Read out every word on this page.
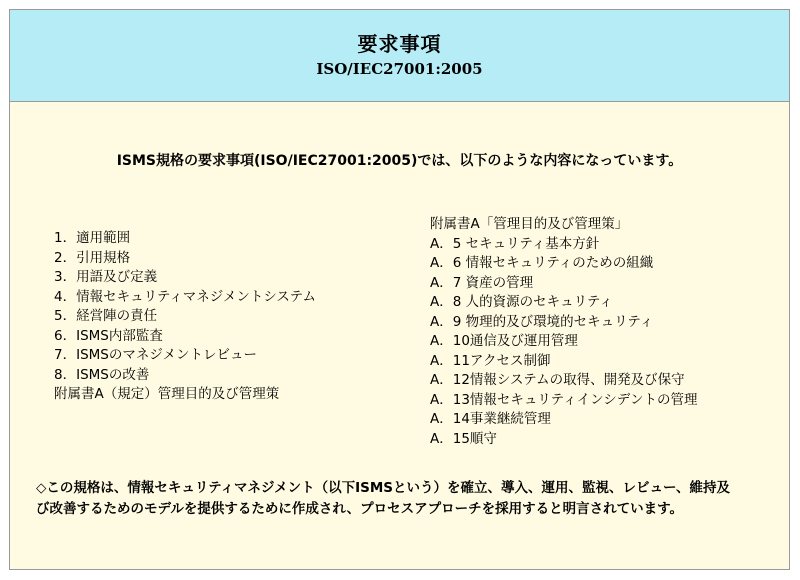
要求事項
ISO/IEC27001:2005
ISMS規格の要求事項(ISO/IEC27001:2005)では、以下のような内容になっています。
1．適用範囲
2．引用規格
3．用語及び定義
4．情報セキュリティマネジメントシステム
5．経営陣の責任
6．ISMS内部監査
7．ISMSのマネジメントレビュー
8．ISMSの改善
附属書A（規定）管理目的及び管理策
附属書A「管理目的及び管理策」
A．5 セキュリティ基本方針
A．6 情報セキュリティのための組織
A．7 資産の管理
A．8 人的資源のセキュリティ
A．9 物理的及び環境的セキュリティ
A．10通信及び運用管理
A．11アクセス制御
A．12情報システムの取得、開発及び保守
A．13情報セキュリティインシデントの管理
A．14事業継続管理
A．15順守
◇この規格は、情報セキュリティマネジメント（以下ISMSという）を確立、導入、運用、監視、レビュー、維持及
び改善するためのモデルを提供するために作成され、プロセスアプローチを採用すると明言されています。
